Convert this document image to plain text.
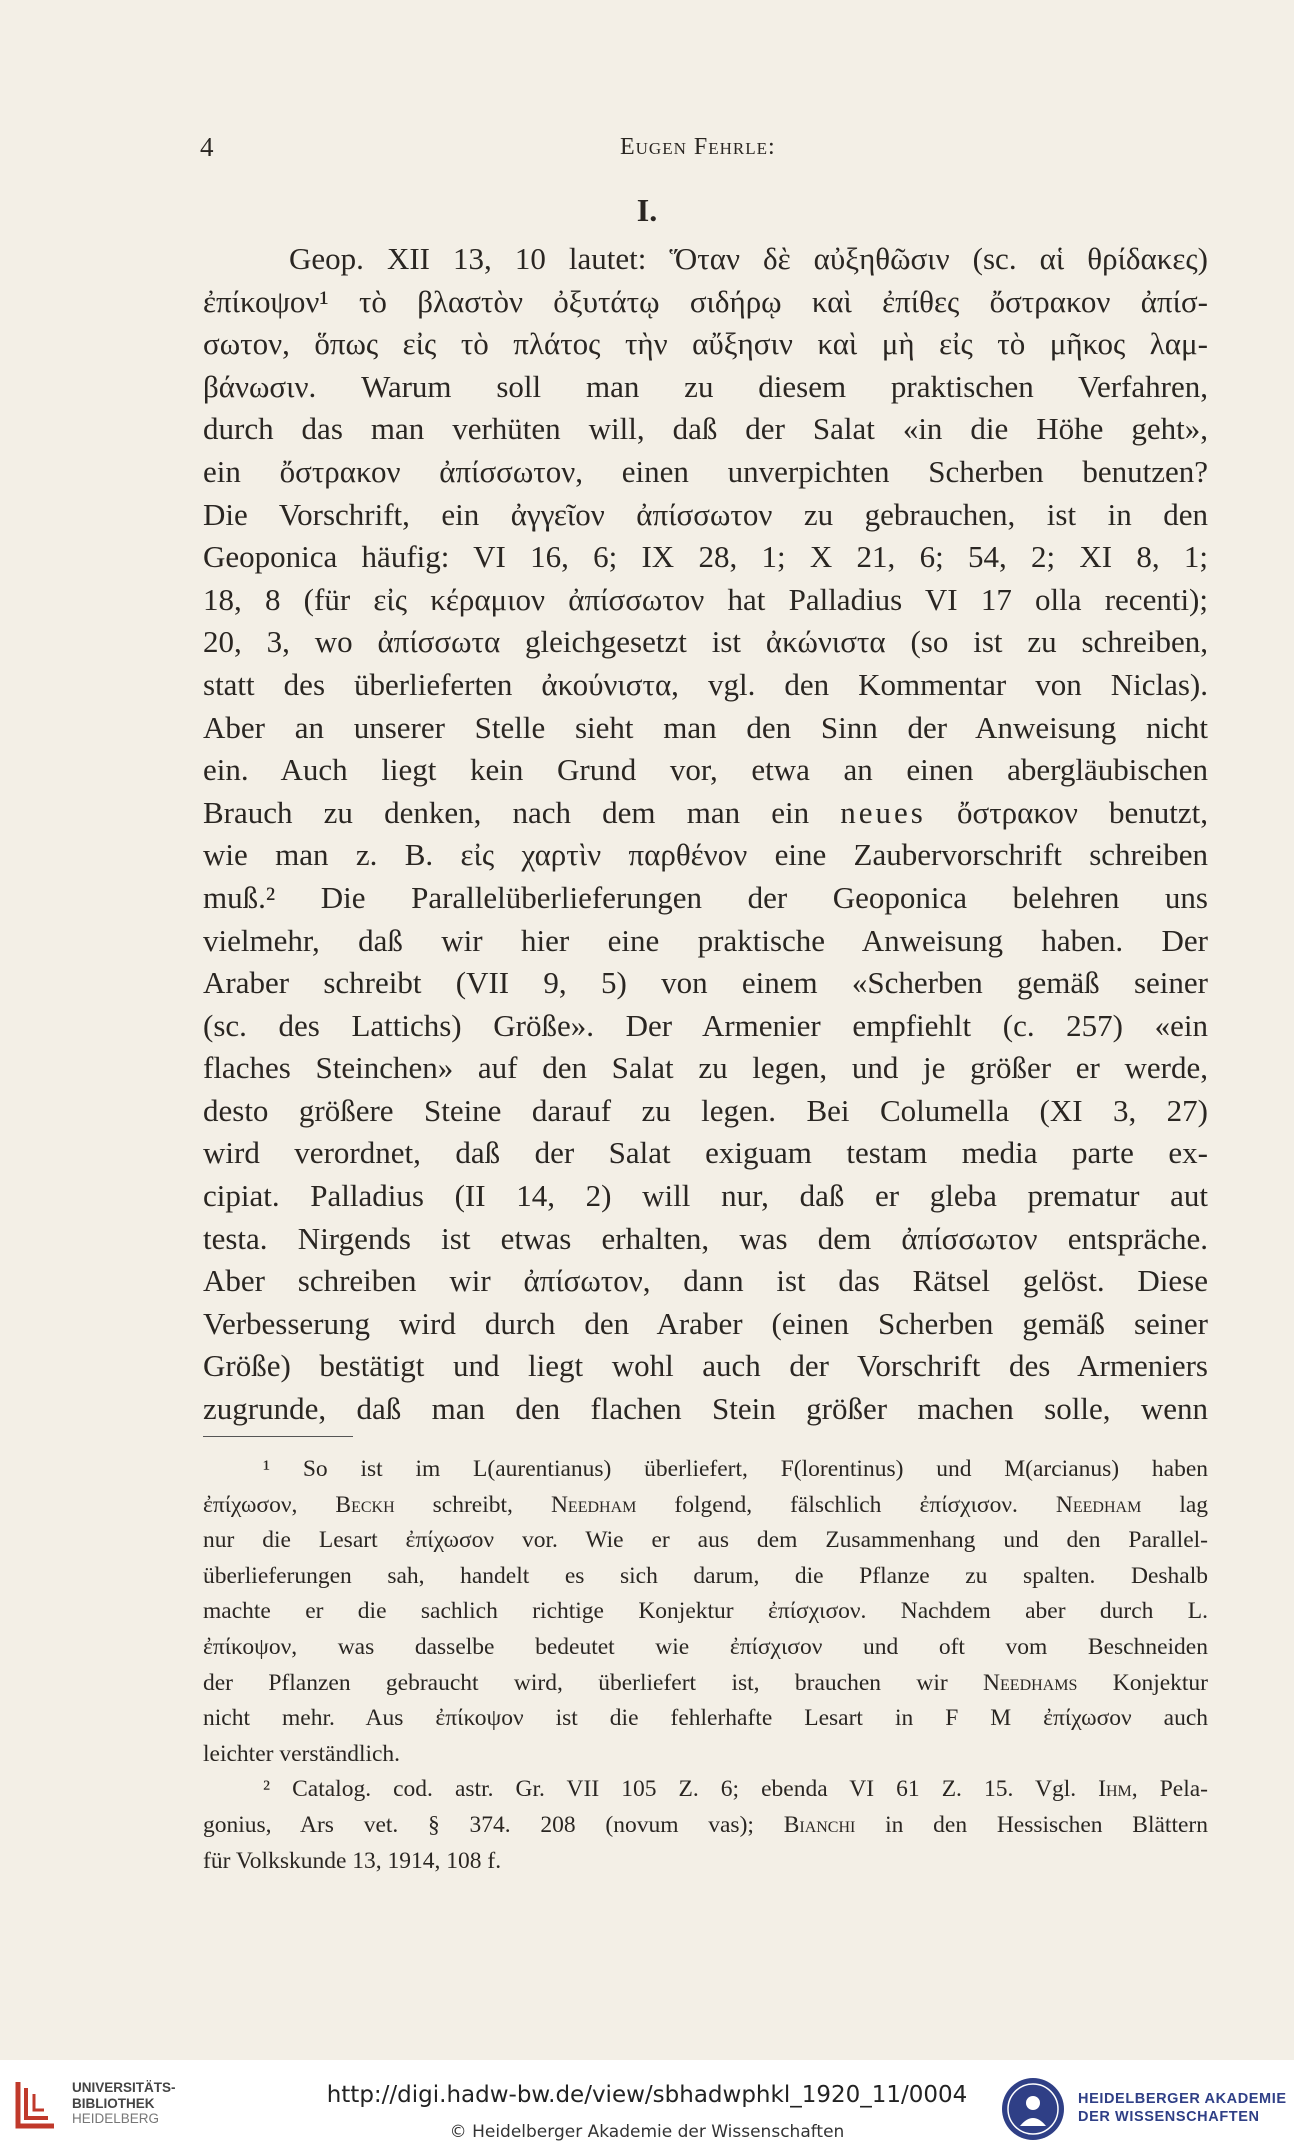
4	Eugen Fehrle:
I.
Geop. XII 13, 10 lautet: Ὅταν δὲ αὐξηθῶσιν (sc. αἱ θρίδακες)
ἐπίκοψον¹ τὸ βλαστὸν ὀξυτάτῳ σιδήρῳ καὶ ἐπίθες ὄστρακον ἀπίσ-
σωτον, ὅπως εἰς τὸ πλάτος τὴν αὔξησιν καὶ μὴ εἰς τὸ μῆκος λαμ-
βάνωσιν. Warum soll man zu diesem praktischen Verfahren,
durch das man verhüten will, daß der Salat «in die Höhe geht»,
ein ὄστρακον ἀπίσσωτον, einen unverpichten Scherben benutzen?
Die Vorschrift, ein ἀγγεῖον ἀπίσσωτον zu gebrauchen, ist in den
Geoponica häufig: VI 16, 6; IX 28, 1; X 21, 6; 54, 2; XI 8, 1;
18, 8 (für εἰς κέραμιον ἀπίσσωτον hat Palladius VI 17 olla recenti);
20, 3, wo ἀπίσσωτα gleichgesetzt ist ἀκώνιστα (so ist zu schreiben,
statt des überlieferten ἀκούνιστα, vgl. den Kommentar von Niclas).
Aber an unserer Stelle sieht man den Sinn der Anweisung nicht
ein. Auch liegt kein Grund vor, etwa an einen abergläubischen
Brauch zu denken, nach dem man ein neues ὄστρακον benutzt,
wie man z. B. εἰς χαρτὶν παρθένον eine Zaubervorschrift schreiben
muß.² Die Parallelüberlieferungen der Geoponica belehren uns
vielmehr, daß wir hier eine praktische Anweisung haben. Der
Araber schreibt (VII 9, 5) von einem «Scherben gemäß seiner
(sc. des Lattichs) Größe». Der Armenier empfiehlt (c. 257) «ein
flaches Steinchen» auf den Salat zu legen, und je größer er werde,
desto größere Steine darauf zu legen. Bei Columella (XI 3, 27)
wird verordnet, daß der Salat exiguam testam media parte ex-
cipiat. Palladius (II 14, 2) will nur, daß er gleba prematur aut
testa. Nirgends ist etwas erhalten, was dem ἀπίσσωτον entspräche.
Aber schreiben wir ἀπίσωτον, dann ist das Rätsel gelöst. Diese
Verbesserung wird durch den Araber (einen Scherben gemäß seiner
Größe) bestätigt und liegt wohl auch der Vorschrift des Armeniers
zugrunde, daß man den flachen Stein größer machen solle, wenn
¹ So ist im L(aurentianus) überliefert, F(lorentinus) und M(arcianus) haben
ἐπίχωσον, Beckh schreibt, Needham folgend, fälschlich ἐπίσχισον. Needham lag
nur die Lesart ἐπίχωσον vor. Wie er aus dem Zusammenhang und den Parallel-
überlieferungen sah, handelt es sich darum, die Pflanze zu spalten. Deshalb
machte er die sachlich richtige Konjektur ἐπίσχισον. Nachdem aber durch L.
ἐπίκοψον, was dasselbe bedeutet wie ἐπίσχισον und oft vom Beschneiden
der Pflanzen gebraucht wird, überliefert ist, brauchen wir Needhams Konjektur
nicht mehr. Aus ἐπίκοψον ist die fehlerhafte Lesart in F M ἐπίχωσον auch
leichter verständlich.
² Catalog. cod. astr. Gr. VII 105 Z. 6; ebenda VI 61 Z. 15. Vgl. Ihm, Pela-
gonius, Ars vet. § 374. 208 (novum vas); Bianchi in den Hessischen Blättern
für Volkskunde 13, 1914, 108 f.
UNIVERSITÄTS-
BIBLIOTHEK
HEIDELBERG
http://digi.hadw-bw.de/view/sbhadwphkl_1920_11/0004
© Heidelberger Akademie der Wissenschaften
HEIDELBERGER AKADEMIE
DER WISSENSCHAFTEN
